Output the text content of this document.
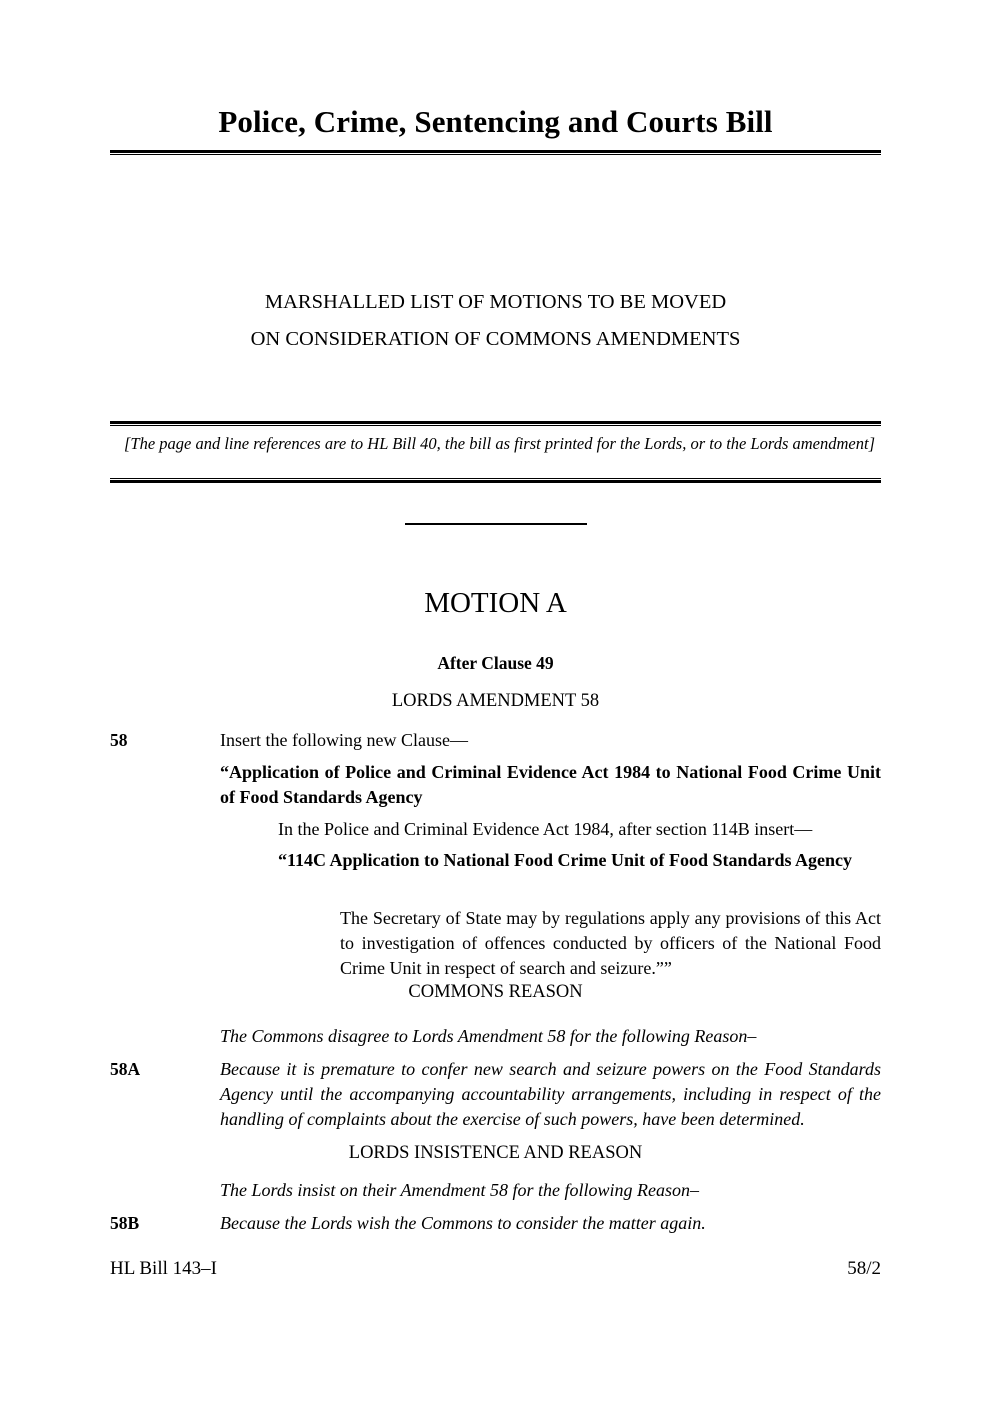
Police, Crime, Sentencing and Courts Bill
MARSHALLED LIST OF MOTIONS TO BE MOVED
ON CONSIDERATION OF COMMONS AMENDMENTS
[The page and line references are to HL Bill 40, the bill as first printed for the Lords, or to the Lords amendment]
MOTION A
After Clause 49
LORDS AMENDMENT 58
58	Insert the following new Clause—
“Application of Police and Criminal Evidence Act 1984 to National Food Crime Unit of Food Standards Agency
In the Police and Criminal Evidence Act 1984, after section 114B insert—
“114C Application to National Food Crime Unit of Food Standards Agency
The Secretary of State may by regulations apply any provisions of this Act to investigation of offences conducted by officers of the National Food Crime Unit in respect of search and seizure.””
COMMONS REASON
The Commons disagree to Lords Amendment 58 for the following Reason–
58A	Because it is premature to confer new search and seizure powers on the Food Standards Agency until the accompanying accountability arrangements, including in respect of the handling of complaints about the exercise of such powers, have been determined.
LORDS INSISTENCE AND REASON
The Lords insist on their Amendment 58 for the following Reason–
58B	Because the Lords wish the Commons to consider the matter again.
HL Bill 143–I	58/2
